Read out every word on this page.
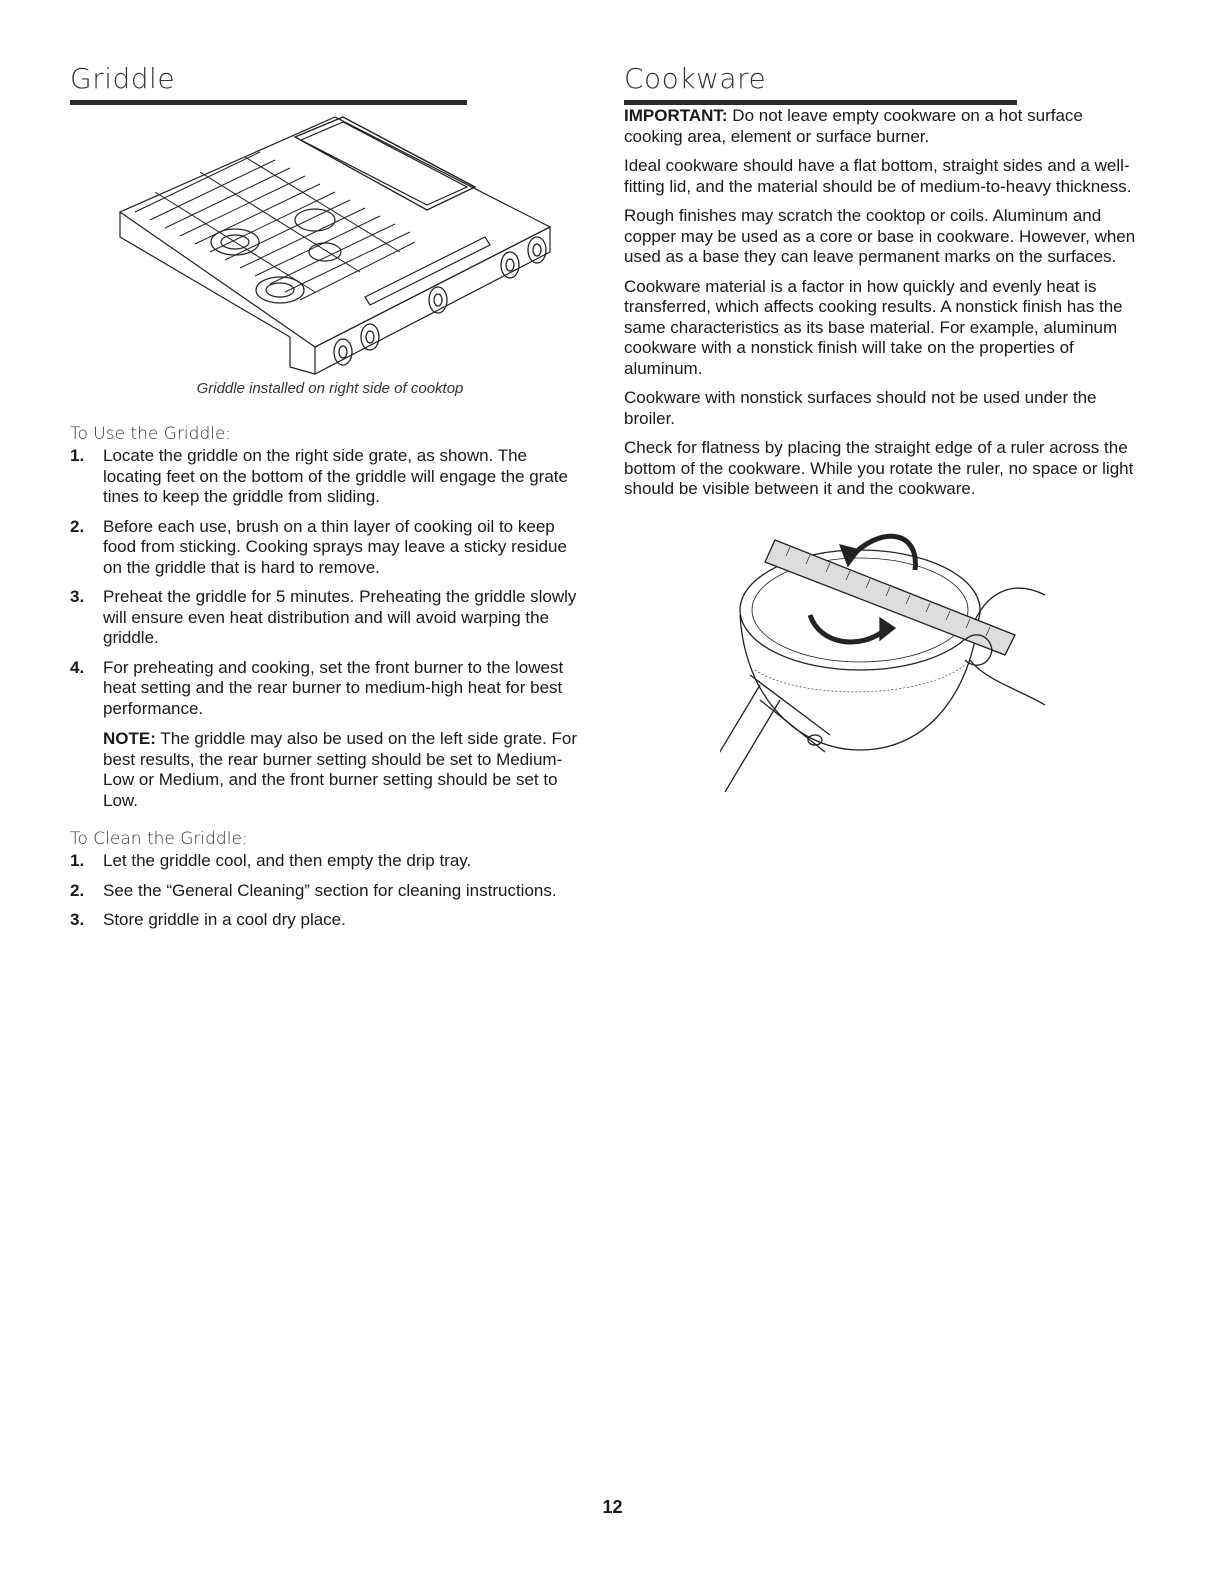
Griddle

Griddle installed on right side of cooktop

To Use the Griddle:

1. Locate the griddle on the right side grate, as shown. The locating feet on the bottom of the griddle will engage the grate tines to keep the griddle from sliding.
2. Before each use, brush on a thin layer of cooking oil to keep food from sticking. Cooking sprays may leave a sticky residue on the griddle that is hard to remove.
3. Preheat the griddle for 5 minutes. Preheating the griddle slowly will ensure even heat distribution and will avoid warping the griddle.
4. For preheating and cooking, set the front burner to the lowest heat setting and the rear burner to medium-high heat for best performance.

NOTE: The griddle may also be used on the left side grate. For best results, the rear burner setting should be set to Medium-Low or Medium, and the front burner setting should be set to Low.

To Clean the Griddle:

1. Let the griddle cool, and then empty the drip tray.
2. See the “General Cleaning” section for cleaning instructions.
3. Store griddle in a cool dry place.
Cookware

IMPORTANT: Do not leave empty cookware on a hot surface cooking area, element or surface burner.

Ideal cookware should have a flat bottom, straight sides and a well-fitting lid, and the material should be of medium-to-heavy thickness.

Rough finishes may scratch the cooktop or coils. Aluminum and copper may be used as a core or base in cookware. However, when used as a base they can leave permanent marks on the surfaces.

Cookware material is a factor in how quickly and evenly heat is transferred, which affects cooking results. A nonstick finish has the same characteristics as its base material. For example, aluminum cookware with a nonstick finish will take on the properties of aluminum.

Cookware with nonstick surfaces should not be used under the broiler.

Check for flatness by placing the straight edge of a ruler across the bottom of the cookware. While you rotate the ruler, no space or light should be visible between it and the cookware.

12
